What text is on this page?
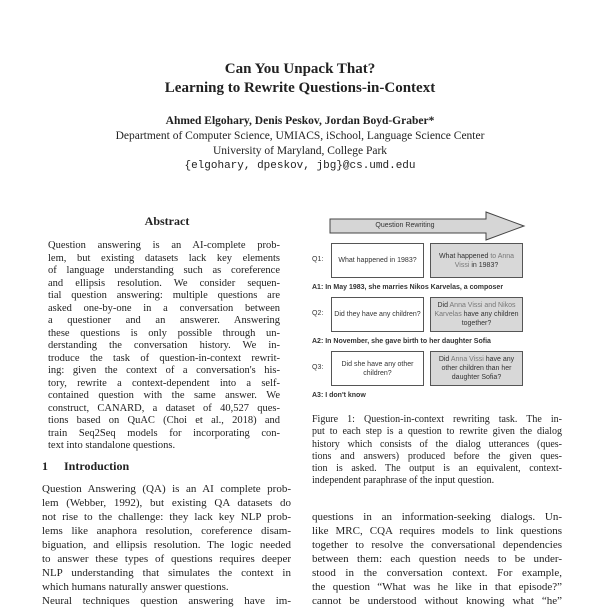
Can You Unpack That?
Learning to Rewrite Questions-in-Context
Ahmed Elgohary, Denis Peskov, Jordan Boyd-Graber*
Department of Computer Science, UMIACS, iSchool, Language Science Center
University of Maryland, College Park
{elgohary, dpeskov, jbg}@cs.umd.edu
Abstract
Question answering is an AI-complete prob-
lem, but existing datasets lack key elements
of language understanding such as coreference
and ellipsis resolution. We consider sequen-
tial question answering: multiple questions are
asked one-by-one in a conversation between
a questioner and an answerer. Answering
these questions is only possible through un-
derstanding the conversation history. We in-
troduce the task of question-in-context rewrit-
ing: given the context of a conversation's his-
tory, rewrite a context-dependent into a self-
contained question with the same answer. We
construct, CANARD, a dataset of 40,527 ques-
tions based on QuAC (Choi et al., 2018) and
train Seq2Seq models for incorporating con-
text into standalone questions.
1 Introduction
Question Answering (QA) is an AI complete prob-
lem (Webber, 1992), but existing QA datasets do
not rise to the challenge: they lack key NLP prob-
lems like anaphora resolution, coreference disam-
biguation, and ellipsis resolution. The logic needed
to answer these types of questions requires deeper
NLP understanding that simulates the context in
which humans naturally answer questions.
Neural techniques question answering have im-
Question Rewriting
Q1: What happened in 1983?
What happened to Anna Vissi in 1983?
A1: In May 1983, she marries Nikos Karvelas, a composer
Q2: Did they have any children?
Did Anna Vissi and Nikos Karvelas have any children together?
A2: In November, she gave birth to her daughter Sofia
Q3:	Did she have any other children?
Did Anna Vissi have any other children than her daughter Sofia?
A3: I don't know
Figure 1: Question-in-context rewriting task. The in-
put to each step is a question to rewrite given the dialog
history which consists of the dialog utterances (ques-
tions and answers) produced before the given ques-
tion is asked. The output is an equivalent, context-
independent paraphrase of the input question.
questions in an information-seeking dialogs. Un-
like MRC, CQA requires models to link questions
together to resolve the conversational dependencies
between them: each question needs to be under-
stood in the conversation context. For example,
the question “What was he like in that episode?”
cannot be understood without knowing what “he”
